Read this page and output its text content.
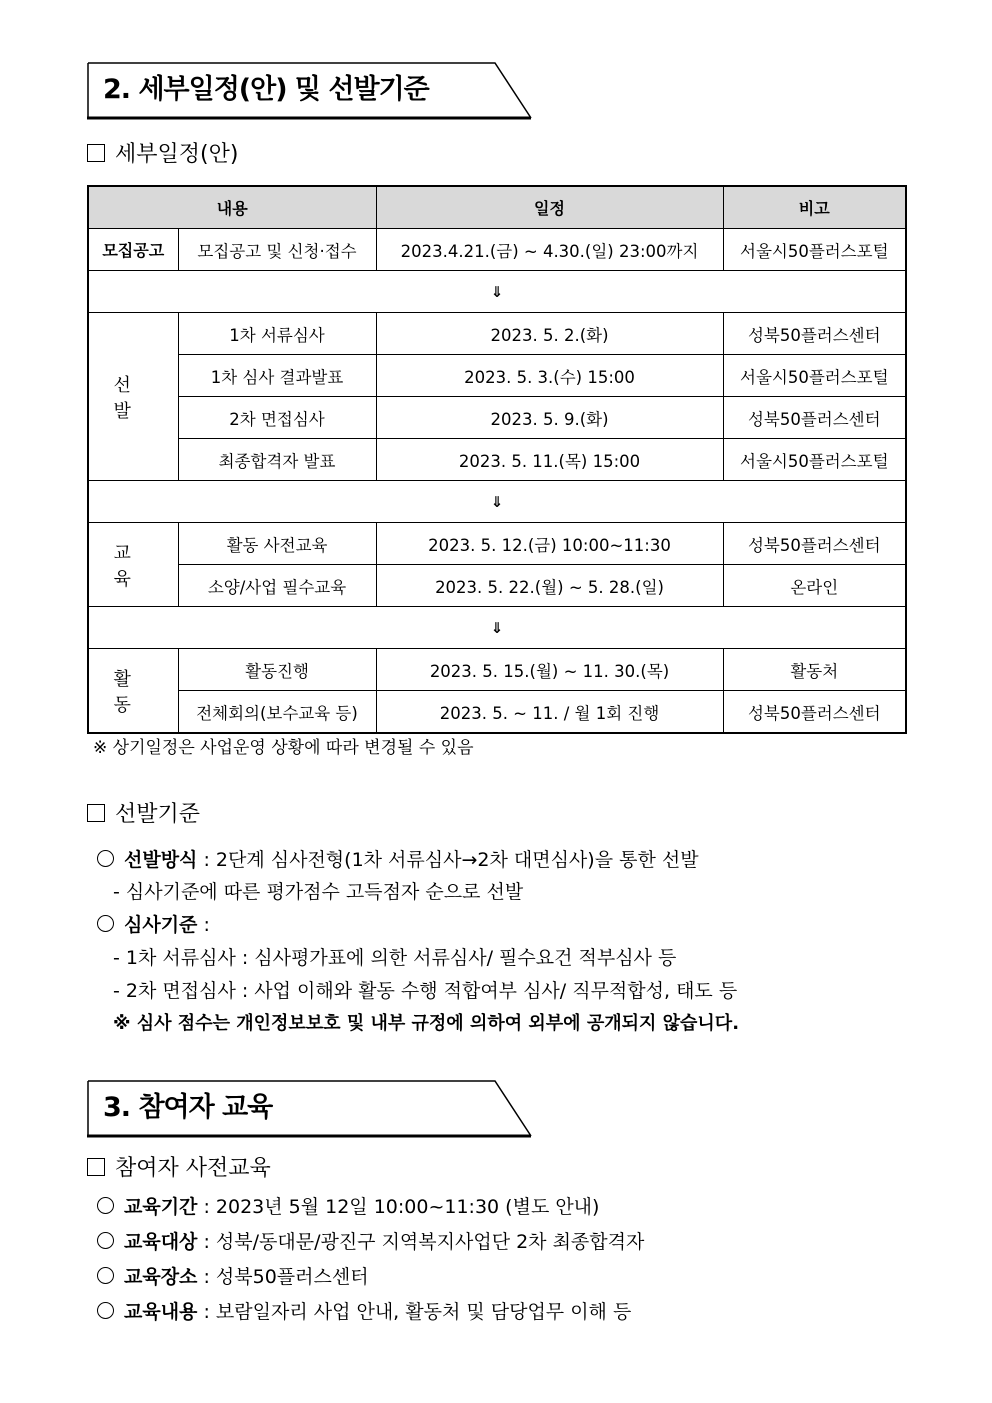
2. 세부일정(안) 및 선발기준
세부일정(안)
내용		일정	비고
모집공고	모집공고 및 신청·접수	2023.4.21.(금) ~ 4.30.(일) 23:00까지	서울시50플러스포털
⇓			
선 발	1차 서류심사	2023. 5. 2.(화)	성북50플러스센터
	1차 심사 결과발표	2023. 5. 3.(수) 15:00	서울시50플러스포털
	2차 면접심사	2023. 5. 9.(화)	성북50플러스센터
	최종합격자 발표	2023. 5. 11.(목) 15:00	서울시50플러스포털
⇓			
교 육	활동 사전교육	2023. 5. 12.(금) 10:00~11:30	성북50플러스센터
	소양/사업 필수교육	2023. 5. 22.(월) ~ 5. 28.(일)	온라인
⇓			
활 동	활동진행	2023. 5. 15.(월) ~ 11. 30.(목)	활동처
	전체회의(보수교육 등)	2023. 5. ~ 11. / 월 1회 진행	성북50플러스센터
※ 상기일정은 사업운영 상황에 따라 변경될 수 있음
선발기준
선발방식 : 2단계 심사전형(1차 서류심사→2차 대면심사)을 통한 선발
- 심사기준에 따른 평가점수 고득점자 순으로 선발
심사기준 :
- 1차 서류심사 : 심사평가표에 의한 서류심사/ 필수요건 적부심사 등
- 2차 면접심사 : 사업 이해와 활동 수행 적합여부 심사/ 직무적합성, 태도 등
※ 심사 점수는 개인정보보호 및 내부 규정에 의하여 외부에 공개되지 않습니다.
3. 참여자 교육
참여자 사전교육
교육기간 : 2023년 5월 12일 10:00~11:30 (별도 안내)
교육대상 : 성북/동대문/광진구 지역복지사업단 2차 최종합격자
교육장소 : 성북50플러스센터
교육내용 : 보람일자리 사업 안내, 활동처 및 담당업무 이해 등
